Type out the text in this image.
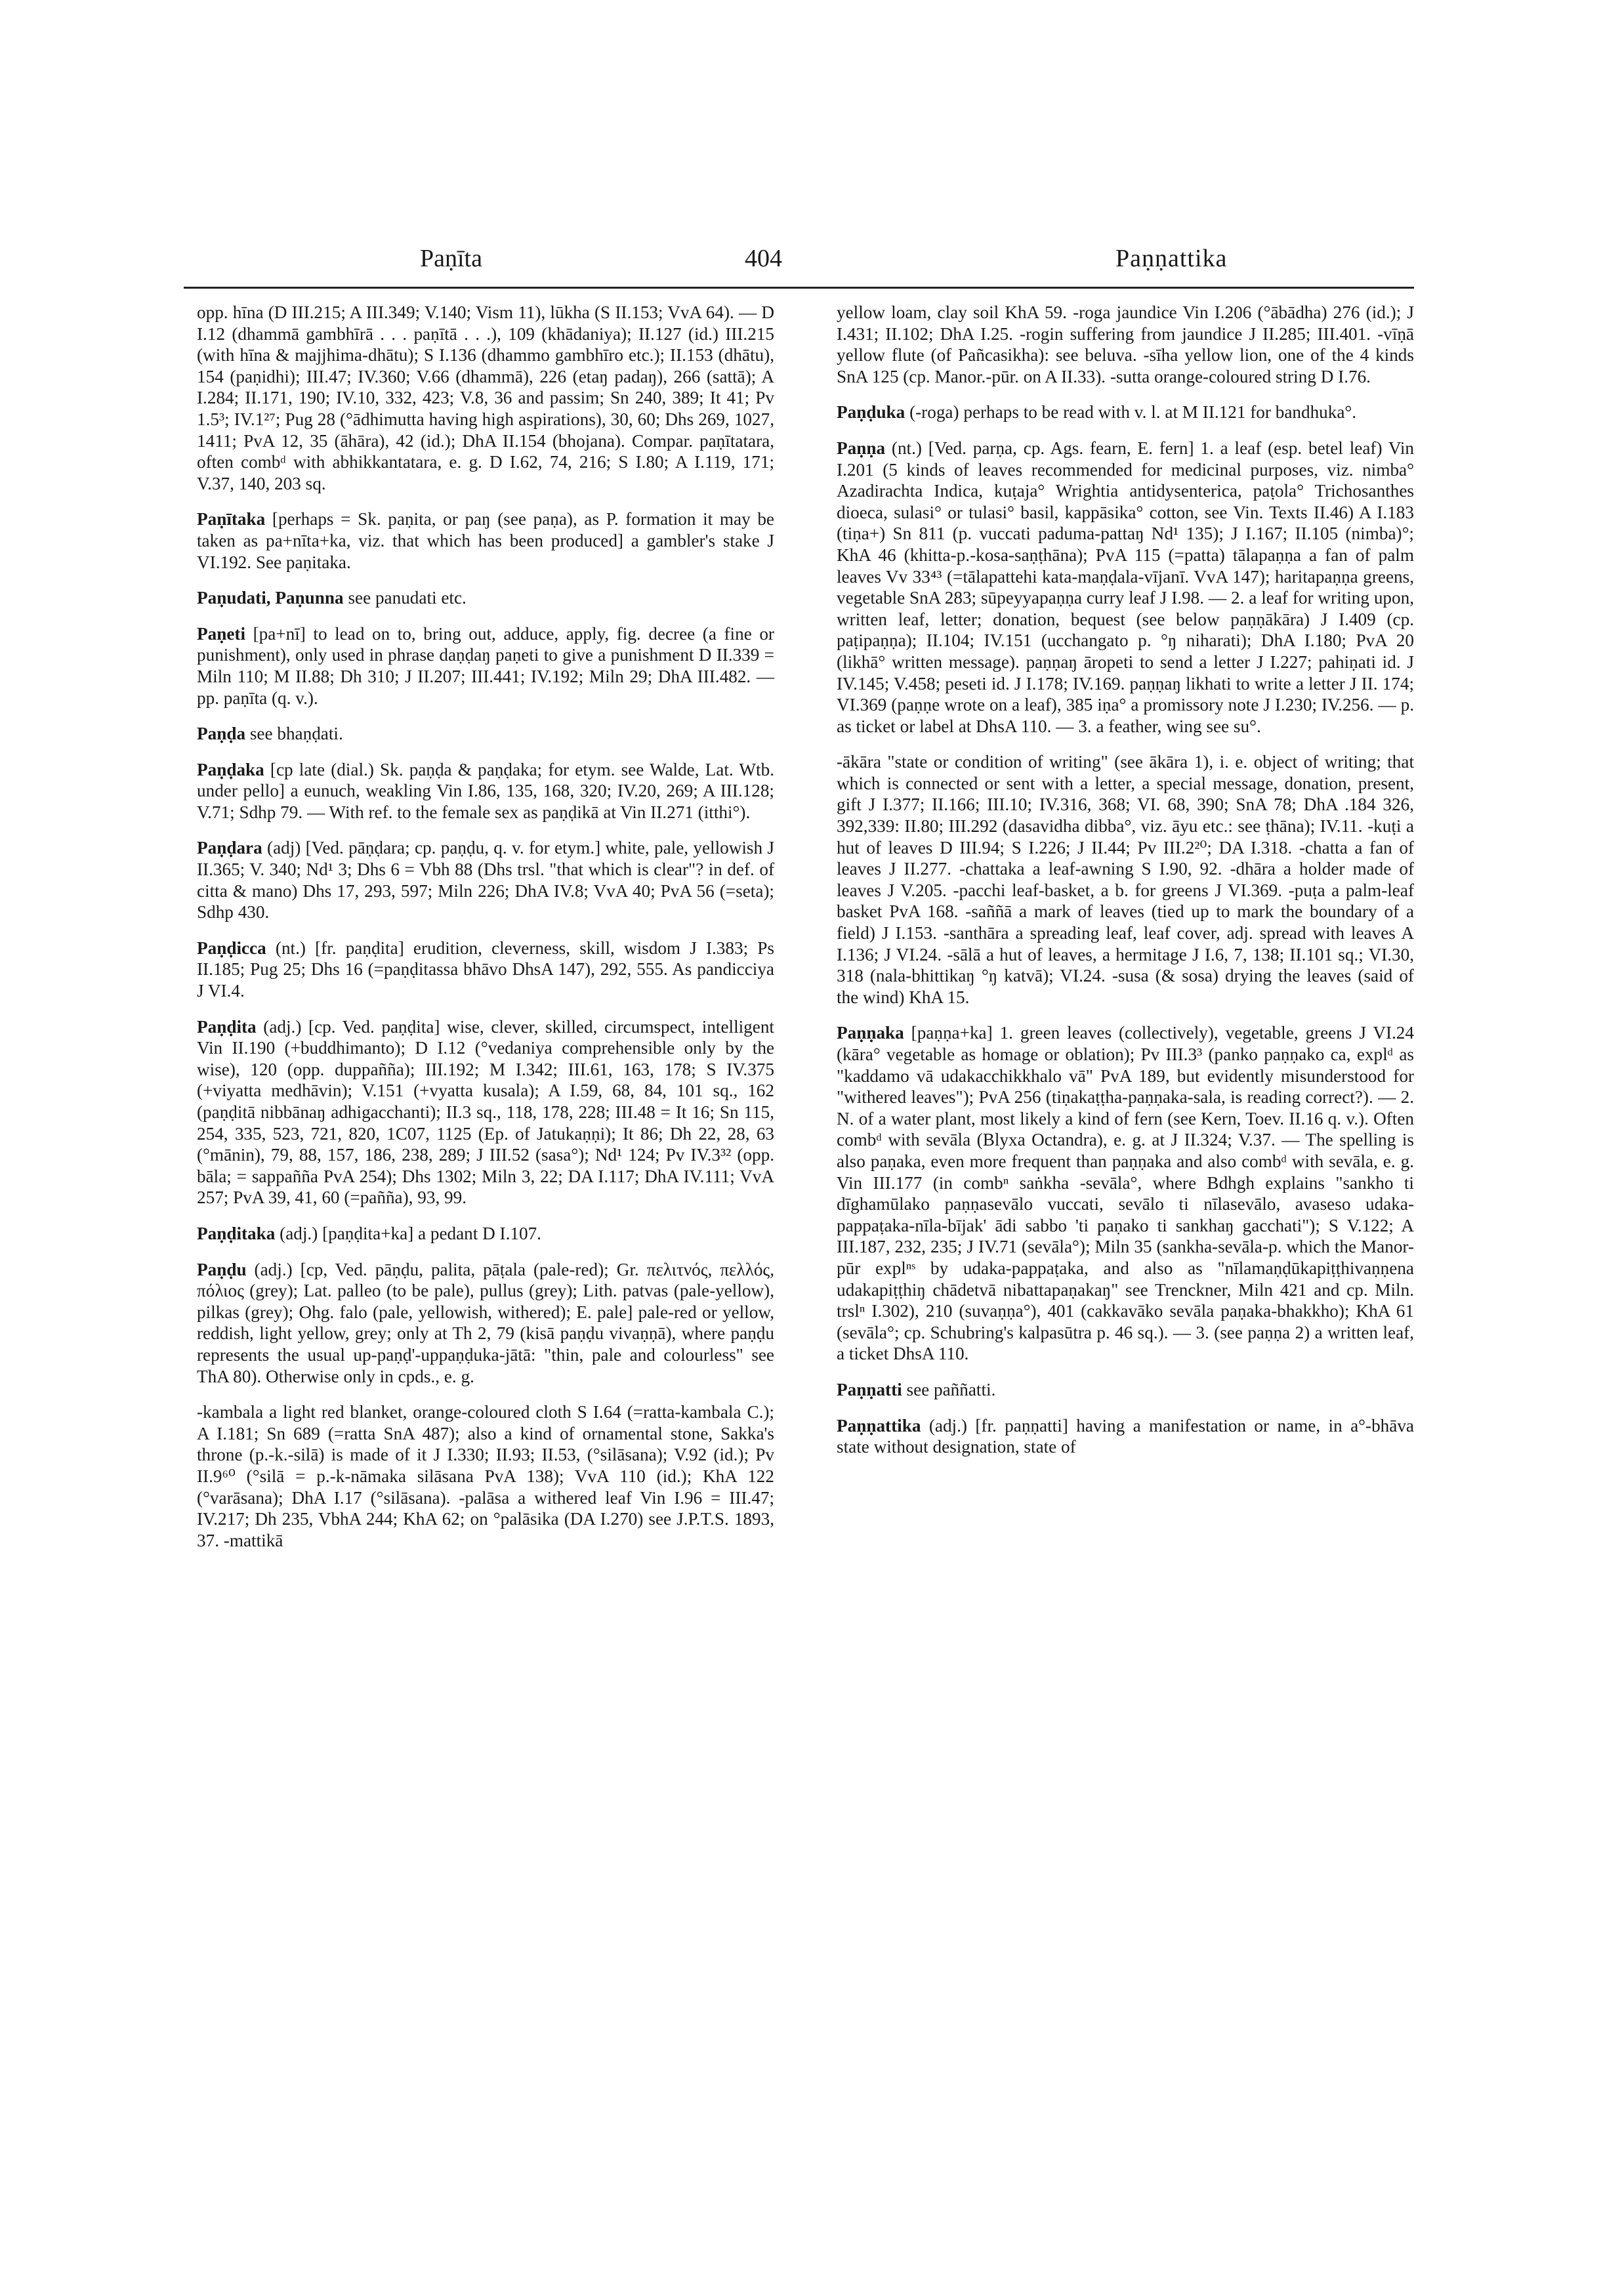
Paṇīta	404	Paṇṇattika

opp. hīna (D III.215; A III.349; V.140; Vism 11), lūkha (S II.153; VvA 64). — D I.12 (dhammā gambhīrā . . . paṇītā . . .), 109 (khādaniya); II.127 (id.) III.215 (with hīna & majjhima-dhātu); S I.136 (dhammo gambhīro etc.); II.153 (dhātu), 154 (paṇidhi); III.47; IV.360; V.66 (dhammā), 226 (etaŋ padaŋ), 266 (sattā); A I.284; II.171, 190; IV.10, 332, 423; V.8, 36 and passim; Sn 240, 389; It 41; Pv 1.5³; IV.1²⁷; Pug 28 (°ādhimutta having high aspirations), 30, 60; Dhs 269, 1027, 1411; PvA 12, 35 (āhāra), 42 (id.); DhA II.154 (bhojana). Compar. paṇītatara, often combᵈ with abhikkantatara, e. g. D I.62, 74, 216; S I.80; A I.119, 171; V.37, 140, 203 sq.

Paṇītaka [perhaps = Sk. paṇita, or paŋ (see paṇa), as P. formation it may be taken as pa+nīta+ka, viz. that which has been produced] a gambler's stake J VI.192. See paṇitaka.

Paṇudati, Paṇunna see panudati etc.

Paṇeti [pa+nī] to lead on to, bring out, adduce, apply, fig. decree (a fine or punishment), only used in phrase daṇḍaŋ paṇeti to give a punishment D II.339 = Miln 110; M II.88; Dh 310; J II.207; III.441; IV.192; Miln 29; DhA III.482. — pp. paṇīta (q. v.).

Paṇḍa see bhaṇḍati.

Paṇḍaka [cp late (dial.) Sk. paṇḍa & paṇḍaka; for etym. see Walde, Lat. Wtb. under pello] a eunuch, weakling Vin I.86, 135, 168, 320; IV.20, 269; A III.128; V.71; Sdhp 79. — With ref. to the female sex as paṇḍikā at Vin II.271 (itthi°).

Paṇḍara (adj) [Ved. pāṇḍara; cp. paṇḍu, q. v. for etym.] white, pale, yellowish J II.365; V. 340; Nd¹ 3; Dhs 6 = Vbh 88 (Dhs trsl. "that which is clear"? in def. of citta & mano) Dhs 17, 293, 597; Miln 226; DhA IV.8; VvA 40; PvA 56 (=seta); Sdhp 430.

Paṇḍicca (nt.) [fr. paṇḍita] erudition, cleverness, skill, wisdom J I.383; Ps II.185; Pug 25; Dhs 16 (=paṇḍitassa bhāvo DhsA 147), 292, 555. As pandicciya J VI.4.

Paṇḍita (adj.) [cp. Ved. paṇḍita] wise, clever, skilled, circumspect, intelligent Vin II.190 (+buddhimanto); D I.12 (°vedaniya comprehensible only by the wise), 120 (opp. duppañña); III.192; M I.342; III.61, 163, 178; S IV.375 (+viyatta medhāvin); V.151 (+vyatta kusala); A I.59, 68, 84, 101 sq., 162 (paṇḍitā nibbānaŋ adhigacchanti); II.3 sq., 118, 178, 228; III.48 = It 16; Sn 115, 254, 335, 523, 721, 820, 1C07, 1125 (Ep. of Jatukaṇṇi); It 86; Dh 22, 28, 63 (°mānin), 79, 88, 157, 186, 238, 289; J III.52 (sasa°); Nd¹ 124; Pv IV.3³² (opp. bāla; = sappañña PvA 254); Dhs 1302; Miln 3, 22; DA I.117; DhA IV.111; VvA 257; PvA 39, 41, 60 (=pañña), 93, 99.

Paṇḍitaka (adj.) [paṇḍita+ka] a pedant D I.107.

Paṇḍu (adj.) [cp, Ved. pāṇḍu, palita, pāṭala (pale-red); Gr. πελιτνός, πελλός, πόλιος (grey); Lat. palleo (to be pale), pullus (grey); Lith. patvas (pale-yellow), pilkas (grey); Ohg. falo (pale, yellowish, withered); E. pale] pale-red or yellow, reddish, light yellow, grey; only at Th 2, 79 (kisā paṇḍu vivaṇṇā), where paṇḍu represents the usual up-paṇḍ'-uppaṇḍuka-jātā: "thin, pale and colourless" see ThA 80). Otherwise only in cpds., e. g.

-kambala a light red blanket, orange-coloured cloth S I.64 (=ratta-kambala C.); A I.181; Sn 689 (=ratta SnA 487); also a kind of ornamental stone, Sakka's throne (p.-k.-silā) is made of it J I.330; II.93; II.53, (°silāsana); V.92 (id.); Pv II.9⁶⁰ (°silā = p.-k-nāmaka silāsana PvA 138); VvA 110 (id.); KhA 122 (°varāsana); DhA I.17 (°silāsana). -palāsa a withered leaf Vin I.96 = III.47; IV.217; Dh 235, VbhA 244; KhA 62; on °palāsika (DA I.270) see J.P.T.S. 1893, 37. -mattikā

yellow loam, clay soil KhA 59. -roga jaundice Vin I.206 (°ābādha) 276 (id.); J I.431; II.102; DhA I.25. -rogin suffering from jaundice J II.285; III.401. -vīṇā yellow flute (of Pañcasikha): see beluva. -sīha yellow lion, one of the 4 kinds SnA 125 (cp. Manor.-pūr. on A II.33). -sutta orange-coloured string D I.76.

Paṇḍuka (-roga) perhaps to be read with v. l. at M II.121 for bandhuka°.

Paṇṇa (nt.) [Ved. parṇa, cp. Ags. fearn, E. fern] 1. a leaf (esp. betel leaf) Vin I.201 (5 kinds of leaves recommended for medicinal purposes, viz. nimba° Azadirachta Indica, kuṭaja° Wrightia antidysenterica, paṭola° Trichosanthes dioeca, sulasi° or tulasi° basil, kappāsika° cotton, see Vin. Texts II.46) A I.183 (tiṇa+) Sn 811 (p. vuccati paduma-pattaŋ Nd¹ 135); J I.167; II.105 (nimba)°; KhA 46 (khitta-p.-kosa-saṇṭhāna); PvA 115 (=patta) tālapaṇṇa a fan of palm leaves Vv 33⁴³ (=tālapattehi kata-maṇḍala-vījanī. VvA 147); haritapaṇṇa greens, vegetable SnA 283; sūpeyyapaṇṇa curry leaf J I.98. — 2. a leaf for writing upon, written leaf, letter; donation, bequest (see below paṇṇākāra) J I.409 (cp. paṭipaṇṇa); II.104; IV.151 (ucchangato p. °ŋ niharati); DhA I.180; PvA 20 (likhā° written message). paṇṇaŋ āropeti to send a letter J I.227; pahiṇati id. J IV.145; V.458; peseti id. J I.178; IV.169. paṇṇaŋ likhati to write a letter J II. 174; VI.369 (paṇṇe wrote on a leaf), 385 iṇa° a promissory note J I.230; IV.256. — p. as ticket or label at DhsA 110. — 3. a feather, wing see su°.

-ākāra "state or condition of writing" (see ākāra 1), i. e. object of writing; that which is connected or sent with a letter, a special message, donation, present, gift J I.377; II.166; III.10; IV.316, 368; VI. 68, 390; SnA 78; DhA .184 326, 392,339: II.80; III.292 (dasavidha dibba°, viz. āyu etc.: see ṭhāna); IV.11. -kuṭi a hut of leaves D III.94; S I.226; J II.44; Pv III.2²⁰; DA I.318. -chatta a fan of leaves J II.277. -chattaka a leaf-awning S I.90, 92. -dhāra a holder made of leaves J V.205. -pacchi leaf-basket, a b. for greens J VI.369. -puṭa a palm-leaf basket PvA 168. -saññā a mark of leaves (tied up to mark the boundary of a field) J I.153. -santhāra a spreading leaf, leaf cover, adj. spread with leaves A I.136; J VI.24. -sālā a hut of leaves, a hermitage J I.6, 7, 138; II.101 sq.; VI.30, 318 (nala-bhittikaŋ °ŋ katvā); VI.24. -susa (& sosa) drying the leaves (said of the wind) KhA 15.

Paṇṇaka [paṇṇa+ka] 1. green leaves (collectively), vegetable, greens J VI.24 (kāra° vegetable as homage or oblation); Pv III.3³ (panko paṇṇako ca, explᵈ as "kaddamo vā udakacchikkhalo vā" PvA 189, but evidently misunderstood for "withered leaves"); PvA 256 (tiṇakaṭṭha-paṇṇaka-sala, is reading correct?). — 2. N. of a water plant, most likely a kind of fern (see Kern, Toev. II.16 q. v.). Often combᵈ with sevāla (Blyxa Octandra), e. g. at J II.324; V.37. — The spelling is also paṇaka, even more frequent than paṇṇaka and also combᵈ with sevāla, e. g. Vin III.177 (in combⁿ saṅkha -sevāla°, where Bdhgh explains "sankho ti dīghamūlako paṇṇasevālo vuccati, sevālo ti nīlasevālo, avaseso udaka-pappaṭaka-nīla-bījak' ādi sabbo 'ti paṇako ti sankhaŋ gacchati"); S V.122; A III.187, 232, 235; J IV.71 (sevāla°); Miln 35 (sankha-sevāla-p. which the Manor-pūr explⁿˢ by udaka-pappaṭaka, and also as "nīlamaṇḍūkapiṭṭhivaṇṇena udakapiṭṭhiŋ chādetvā nibattapaṇakaŋ" see Trenckner, Miln 421 and cp. Miln. trslⁿ I.302), 210 (suvaṇṇa°), 401 (cakkavāko sevāla paṇaka-bhakkho); KhA 61 (sevāla°; cp. Schubring's kalpasūtra p. 46 sq.). — 3. (see paṇṇa 2) a written leaf, a ticket DhsA 110.

Paṇṇatti see paññatti.

Paṇṇattika (adj.) [fr. paṇṇatti] having a manifestation or name, in a°-bhāva state without designation, state of
